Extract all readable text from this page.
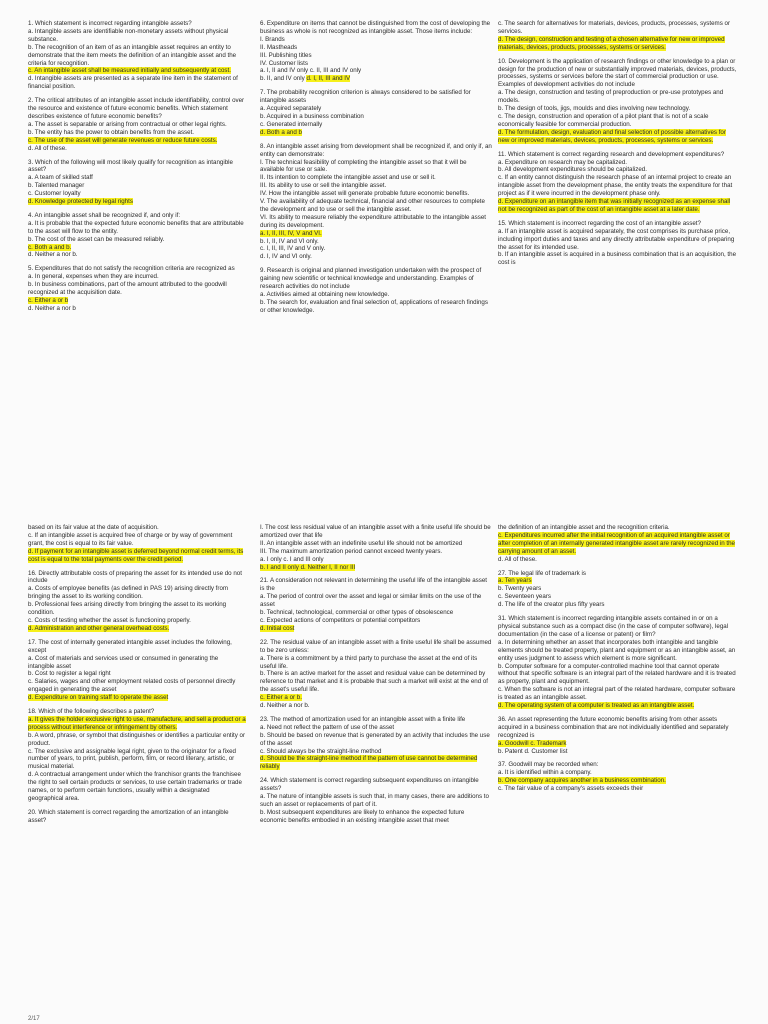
1. Which statement is incorrect regarding intangible assets?

a. Intangible assets are identifiable non-monetary assets without physical substance.

b. The recognition of an item of as an intangible asset requires an entity to demonstrate that the item meets the definition of an intangible asset and the criteria for recognition.

c. An intangible asset shall be measured initially and subsequently at cost.

d. Intangible assets are presented as a separate line item in the statement of financial position.

2. The critical attributes of an intangible asset include identifiability, control over the resource and existence of future economic benefits. Which statement describes existence of future economic benefits?

a. The asset is separable or arising from contractual or other legal rights.

b. The entity has the power to obtain benefits from the asset.

c. The use of the asset will generate revenues or reduce future costs.

d. All of these.

3. Which of the following will most likely qualify for recognition as intangible asset?

a. A team of skilled staff

b. Talented manager

c. Customer loyalty

d. Knowledge protected by legal rights

4. An intangible asset shall be recognized if, and only if:

a. It is probable that the expected future economic benefits that are attributable to the asset will flow to the entity.

b. The cost of the asset can be measured reliably.

c. Both a and b.

d. Neither a nor b.

5. Expenditures that do not satisfy the recognition criteria are recognized as

a. In general, expenses when they are incurred.

b. In business combinations, part of the amount attributed to the goodwill recognized at the acquisition date.

c. Either a or b

d. Neither a nor b

6. Expenditure on items that cannot be distinguished from the cost of developing the business as whole is not recognized as intangible asset. Those items include:

I. Brands

II. Mastheads

III. Publishing titles

IV. Customer lists

a. I, II and IV only c. II, III and IV only

b. II, and IV only d. I, II, III and IV

7. The probability recognition criterion is always considered to be satisfied for intangible assets

a. Acquired separately

b. Acquired in a business combination

c. Generated internally

d. Both a and b

8. An intangible asset arising from development shall be recognized if, and only if, an entity can demonstrate:

I. The technical feasibility of completing the intangible asset so that it will be available for use or sale.

II. Its intention to complete the intangible asset and use or sell it.

III. Its ability to use or sell the intangible asset.

IV. How the intangible asset will generate probable future economic benefits.

V. The availability of adequate technical, financial and other resources to complete the development and to use or sell the intangible asset.

VI. Its ability to measure reliably the expenditure attributable to the intangible asset during its development.

a. I, II, III, IV, V and VI.

b. I, II, IV and VI only.

c. I, II, III, IV and V only.

d. I, IV and VI only.

9. Research is original and planned investigation undertaken with the prospect of gaining new scientific or technical knowledge and understanding. Examples of research activities do not include

a. Activities aimed at obtaining new knowledge.

b. The search for, evaluation and final selection of, applications of research findings or other knowledge.

c. The search for alternatives for materials, devices, products, processes, systems or services.

d. The design, construction and testing of a chosen alternative for new or improved materials, devices, products, processes, systems or services.

10. Development is the application of research findings or other knowledge to a plan or design for the production of new or substantially improved materials, devices, products, processes, systems or services before the start of commercial production or use. Examples of development activities do not include

a. The design, construction and testing of preproduction or pre-use prototypes and models.

b. The design of tools, jigs, moulds and dies involving new technology.

c. The design, construction and operation of a pilot plant that is not of a scale economically feasible for commercial production.

d. The formulation, design, evaluation and final selection of possible alternatives for new or improved materials, devices, products, processes, systems or services.

11. Which statement is correct regarding research and development expenditures?

a. Expenditure on research may be capitalized.

b. All development expenditures should be capitalized.

c. If an entity cannot distinguish the research phase of an internal project to create an intangible asset from the development phase, the entity treats the expenditure for that project as if it were incurred in the development phase only.

d. Expenditure on an intangible item that was initially recognized as an expense shall not be recognized as part of the cost of an intangible asset at a later date.

15. Which statement is incorrect regarding the cost of an intangible asset?

a. If an intangible asset is acquired separately, the cost comprises its purchase price, including import duties and taxes and any directly attributable expenditure of preparing the asset for its intended use.

b. If an intangible asset is acquired in a business combination that is an acquisition, the cost is

based on its fair value at the date of acquisition.

c. If an intangible asset is acquired free of charge or by way of government grant, the cost is equal to its fair value.

d. If payment for an intangible asset is deferred beyond normal credit terms, its cost is equal to the total payments over the credit period.

16. Directly attributable costs of preparing the asset for its intended use do not include

a. Costs of employee benefits (as defined in PAS 19) arising directly from bringing the asset to its working condition.

b. Professional fees arising directly from bringing the asset to its working condition.

c. Costs of testing whether the asset is functioning properly.

d. Administration and other general overhead costs.

17. The cost of internally generated intangible asset includes the following, except

a. Cost of materials and services used or consumed in generating the intangible asset

b. Cost to register a legal right

c. Salaries, wages and other employment related costs of personnel directly engaged in generating the asset

d. Expenditure on training staff to operate the asset

18. Which of the following describes a patent?

a. It gives the holder exclusive right to use, manufacture, and sell a product or a process without interference or infringement by others.

b. A word, phrase, or symbol that distinguishes or identifies a particular entity or product.

c. The exclusive and assignable legal right, given to the originator for a fixed number of years, to print, publish, perform, film, or record literary, artistic, or musical material.

d. A contractual arrangement under which the franchisor grants the franchisee the right to sell certain products or services, to use certain trademarks or trade names, or to perform certain functions, usually within a designated geographical area.

20. Which statement is correct regarding the amortization of an intangible asset?

I. The cost less residual value of an intangible asset with a finite useful life should be amortized over that life

II. An intangible asset with an indefinite useful life should not be amortized

III. The maximum amortization period cannot exceed twenty years.

a. I only c. I and III only

b. I and II only d. Neither I, II nor III

21. A consideration not relevant in determining the useful life of the intangible asset is the

a. The period of control over the asset and legal or similar limits on the use of the asset

b. Technical, technological, commercial or other types of obsolescence

c. Expected actions of competitors or potential competitors

d. Initial cost

22. The residual value of an intangible asset with a finite useful life shall be assumed to be zero unless:

a. There is a commitment by a third party to purchase the asset at the end of its useful life.

b. There is an active market for the asset and residual value can be determined by reference to that market and it is probable that such a market will exist at the end of the asset's useful life.

c. Either a or b.

d. Neither a nor b.

23. The method of amortization used for an intangible asset with a finite life

a. Need not reflect the pattern of use of the asset

b. Should be based on revenue that is generated by an activity that includes the use of the asset

c. Should always be the straight-line method

d. Should be the straight-line method if the pattern of use cannot be determined reliably

24. Which statement is correct regarding subsequent expenditures on intangible assets?

a. The nature of intangible assets is such that, in many cases, there are additions to such an asset or replacements of part of it.

b. Most subsequent expenditures are likely to enhance the expected future economic benefits embodied in an existing intangible asset that meet

the definition of an intangible asset and the recognition criteria.

c. Expenditures incurred after the initial recognition of an acquired intangible asset or after completion of an internally generated intangible asset are rarely recognized in the carrying amount of an asset.

d. All of these.

27. The legal life of trademark is

a. Ten years

b. Twenty years

c. Seventeen years

d. The life of the creator plus fifty years

31. Which statement is incorrect regarding intangible assets contained in or on a physical substance such as a compact disc (in the case of computer software), legal documentation (in the case of a license or patent) or film?

a. In determining whether an asset that incorporates both intangible and tangible elements should be treated property, plant and equipment or as an intangible asset, an entity uses judgment to assess which element is more significant.

b. Computer software for a computer-controlled machine tool that cannot operate without that specific software is an integral part of the related hardware and it is treated as property, plant and equipment.

c. When the software is not an integral part of the related hardware, computer software is treated as an intangible asset.

d. The operating system of a computer is treated as an intangible asset.

36. An asset representing the future economic benefits arising from other assets acquired in a business combination that are not individually identified and separately recognized is

a. Goodwill c. Trademark

b. Patent d. Customer list

37. Goodwill may be recorded when:

a. It is identified within a company.

b. One company acquires another in a business combination.

c. The fair value of a company's assets exceeds their

2/17
